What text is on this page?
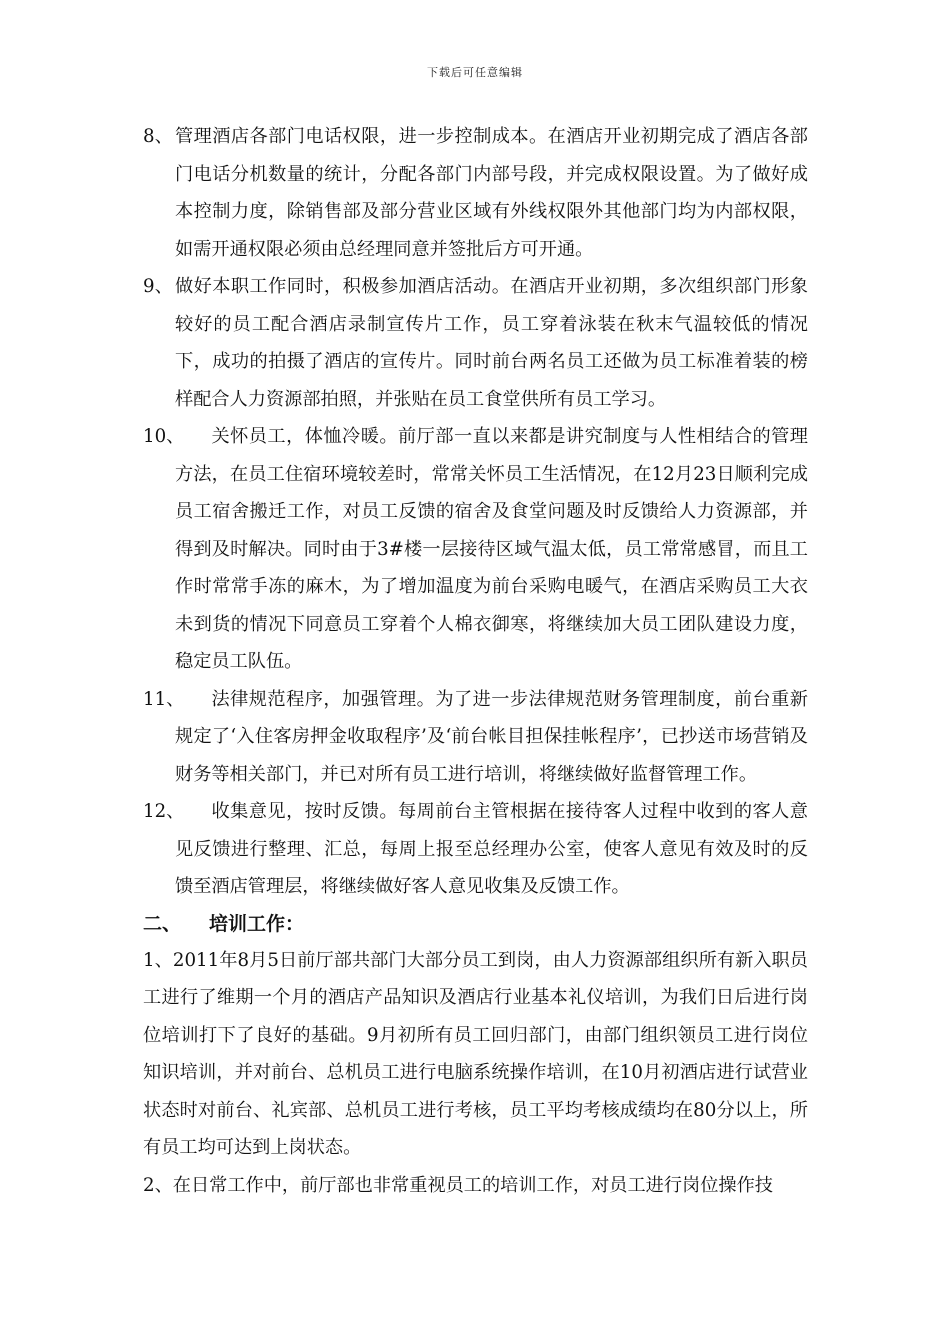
下载后可任意编辑
8、 管理酒店各部门电话权限，进一步控制成本。在酒店开业初期完成了酒店各部门电话分机数量的统计，分配各部门内部号段，并完成权限设置。为了做好成本控制力度，除销售部及部分营业区域有外线权限外其他部门均为内部权限，如需开通权限必须由总经理同意并签批后方可开通。
9、 做好本职工作同时，积极参加酒店活动。在酒店开业初期，多次组织部门形象较好的员工配合酒店录制宣传片工作，员工穿着泳装在秋末气温较低的情况下，成功的拍摄了酒店的宣传片。同时前台两名员工还做为员工标准着装的榜样配合人力资源部拍照，并张贴在员工食堂供所有员工学习。
10、 关怀员工，体恤冷暖。前厅部一直以来都是讲究制度与人性相结合的管理方法，在员工住宿环境较差时，常常关怀员工生活情况，在12月23日顺利完成员工宿舍搬迁工作，对员工反馈的宿舍及食堂问题及时反馈给人力资源部，并得到及时解决。同时由于3#楼一层接待区域气温太低，员工常常感冒，而且工作时常常手冻的麻木，为了增加温度为前台采购电暖气，在酒店采购员工大衣未到货的情况下同意员工穿着个人棉衣御寒，将继续加大员工团队建设力度，稳定员工队伍。
11、 法律规范程序，加强管理。为了进一步法律规范财务管理制度，前台重新规定了‘入住客房押金收取程序’及‘前台帐目担保挂帐程序’，已抄送市场营销及财务等相关部门，并已对所有员工进行培训，将继续做好监督管理工作。
12、 收集意见，按时反馈。每周前台主管根据在接待客人过程中收到的客人意见反馈进行整理、汇总，每周上报至总经理办公室，使客人意见有效及时的反馈至酒店管理层，将继续做好客人意见收集及反馈工作。
二、 培训工作：
1、2011年8月5日前厅部共部门大部分员工到岗，由人力资源部组织所有新入职员工进行了维期一个月的酒店产品知识及酒店行业基本礼仪培训，为我们日后进行岗位培训打下了良好的基础。9月初所有员工回归部门，由部门组织领员工进行岗位知识培训，并对前台、总机员工进行电脑系统操作培训，在10月初酒店进行试营业状态时对前台、礼宾部、总机员工进行考核，员工平均考核成绩均在80分以上，所有员工均可达到上岗状态。
2、在日常工作中，前厅部也非常重视员工的培训工作，对员工进行岗位操作技
